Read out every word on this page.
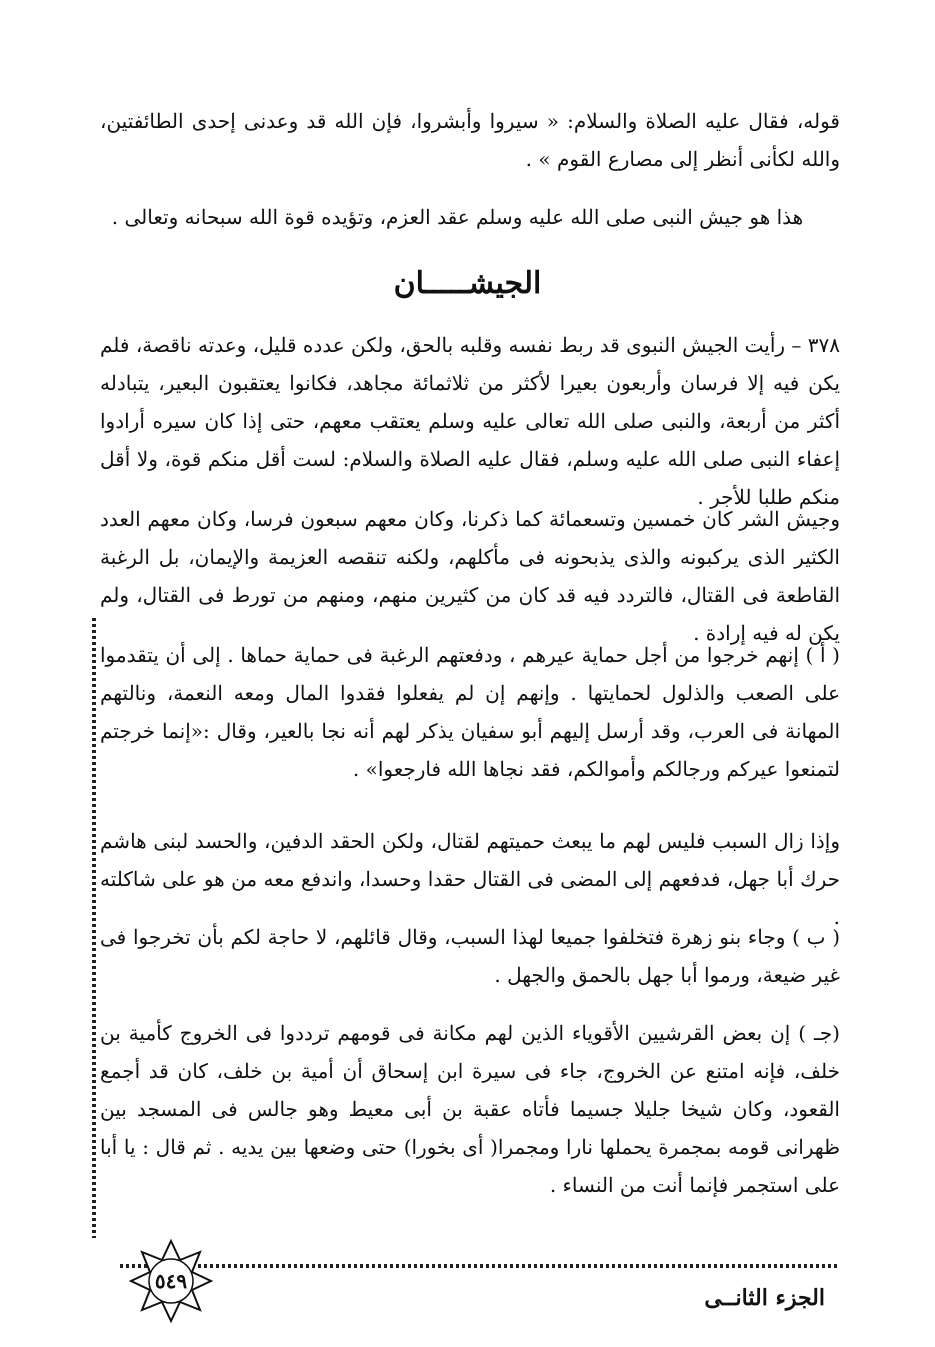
قوله، فقال عليه الصلاة والسلام: « سيروا وأبشروا، فإن الله قد وعدنى إحدى الطائفتين، والله لكأنى أنظر إلى مصارع القوم » .

هذا هو جيش النبى صلى الله عليه وسلم عقد العزم، وتؤيده قوة الله سبحانه وتعالى .
الجيشـــــان

٣٧٨ – رأيت الجيش النبوى قد ربط نفسه وقلبه بالحق، ولكن عدده قليل، وعدته ناقصة، فلم يكن فيه إلا فرسان وأربعون بعيرا لأكثر من ثلاثمائة مجاهد، فكانوا يعتقبون البعير، يتبادله أكثر من أربعة، والنبى صلى الله تعالى عليه وسلم يعتقب معهم، حتى إذا كان سيره أرادوا إعفاء النبى صلى الله عليه وسلم، فقال عليه الصلاة والسلام: لست أقل منكم قوة، ولا أقل منكم طلبا للأجر .

وجيش الشر كان خمسين وتسعمائة كما ذكرنا، وكان معهم سبعون فرسا، وكان معهم العدد الكثير الذى يركبونه والذى يذبحونه فى مأكلهم، ولكنه تنقصه العزيمة والإيمان، بل الرغبة القاطعة فى القتال، فالتردد فيه قد كان من كثيرين منهم، ومنهم من تورط فى القتال، ولم يكن له فيه إرادة .

( أ ) إنهم خرجوا من أجل حماية عيرهم ، ودفعتهم الرغبة فى حماية حماها . إلى أن يتقدموا على الصعب والذلول لحمايتها . وإنهم إن لم يفعلوا فقدوا المال ومعه النعمة، ونالتهم المهانة فى العرب، وقد أرسل إليهم أبو سفيان يذكر لهم أنه نجا بالعير، وقال :«إنما خرجتم لتمنعوا عيركم ورجالكم وأموالكم، فقد نجاها الله فارجعوا» .

وإذا زال السبب فليس لهم ما يبعث حميتهم لقتال، ولكن الحقد الدفين، والحسد لبنى هاشم حرك أبا جهل، فدفعهم إلى المضى فى القتال حقدا وحسدا، واندفع معه من هو على شاكلته .

( ب ) وجاء بنو زهرة فتخلفوا جميعا لهذا السبب، وقال قائلهم، لا حاجة لكم بأن تخرجوا فى غير ضيعة، ورموا أبا جهل بالحمق والجهل .

(جـ ) إن بعض القرشيين الأقوياء الذين لهم مكانة فى قومهم ترددوا فى الخروج كأمية بن خلف، فإنه امتنع عن الخروج، جاء فى سيرة ابن إسحاق أن أمية بن خلف، كان قد أجمع القعود، وكان شيخا جليلا جسيما فأتاه عقبة بن أبى معيط وهو جالس فى المسجد بين ظهرانى قومه بمجمرة يحملها نارا ومجمرا( أى بخورا) حتى وضعها بين يديه . ثم قال : يا أبا على استجمر فإنما أنت من النساء .

٥٤٩
الجزء الثانــى
